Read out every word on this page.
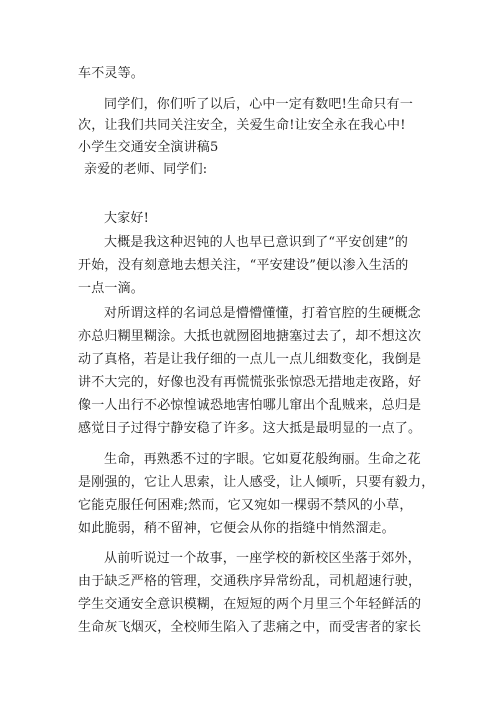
车不灵等。
同学们，你们听了以后，心中一定有数吧!生命只有一
次，让我们共同关注安全，关爱生命!让安全永在我心中!
小学生交通安全演讲稿5
亲爱的老师、同学们:
大家好!
大概是我这种迟钝的人也早已意识到了“平安创建”的
开始，没有刻意地去想关注，“平安建设”便以渗入生活的
一点一滴。
对所谓这样的名词总是懵懵懂懂，打着官腔的生硬概念
亦总归糊里糊涂。大抵也就囫囵地搪塞过去了，却不想这次
动了真格，若是让我仔细的一点儿一点儿细数变化，我倒是
讲不大完的，好像也没有再慌慌张张惊恐无措地走夜路，好
像一人出行不必惊惶诚恐地害怕哪儿窜出个乱贼来，总归是
感觉日子过得宁静安稳了许多。这大抵是最明显的一点了。
生命，再熟悉不过的字眼。它如夏花般绚丽。生命之花
是刚强的，它让人思索，让人感受，让人倾听，只要有毅力，
它能克服任何困难;然而，它又宛如一棵弱不禁风的小草，
如此脆弱，稍不留神，它便会从你的指缝中悄然溜走。
从前听说过一个故事，一座学校的新校区坐落于郊外，
由于缺乏严格的管理，交通秩序异常纷乱，司机超速行驶，
学生交通安全意识模糊，在短短的两个月里三个年轻鲜活的
生命灰飞烟灭，全校师生陷入了悲痛之中，而受害者的家长
